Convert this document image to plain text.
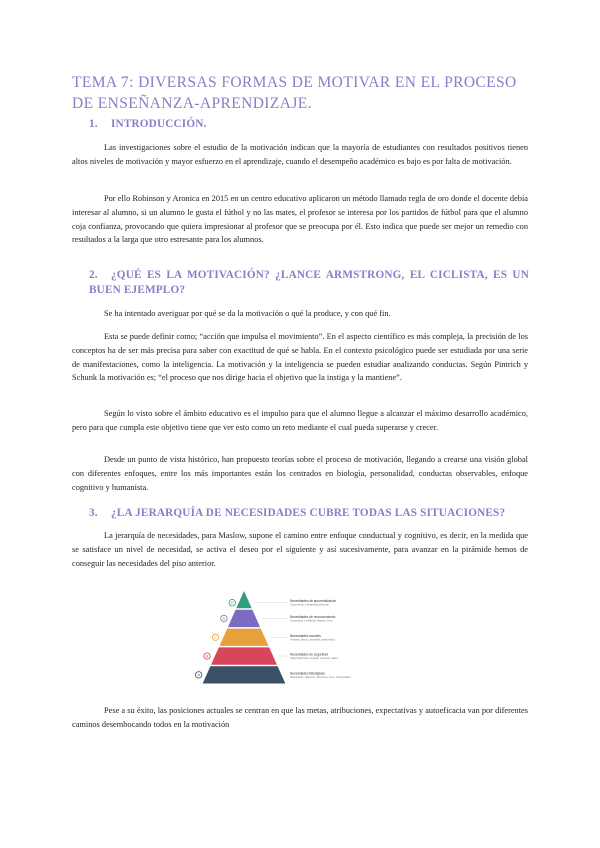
TEMA 7: DIVERSAS FORMAS DE MOTIVAR EN EL PROCESO DE ENSEÑANZA-APRENDIZAJE.
1. INTRODUCCIÓN.

Las investigaciones sobre el estudio de la motivación indican que la mayoría de estudiantes con resultados positivos tienen altos niveles de motivación y mayor esfuerzo en el aprendizaje, cuando el desempeño académico es bajo es por falta de motivación.

Por ello Robinson y Aronica en 2015 en un centro educativo aplicaron un método llamado regla de oro donde el docente debía interesar al alumno, si un alumno le gusta el fútbol y no las mates, el profesor se interesa por los partidos de fútbol para que el alumno coja confianza, provocando que quiera impresionar al profesor que se preocupa por él. Esto indica que puede ser mejor un remedio con resultados a la larga que otro estresante para los alumnos.

2. ¿QUÉ ES LA MOTIVACIÓN? ¿LANCE ARMSTRONG, EL CICLISTA, ES UN BUEN EJEMPLO?

Se ha intentado averiguar por qué se da la motivación o qué la produce, y con qué fin.

Esta se puede definir como; “acción que impulsa el movimiento”. En el aspecto científico es más compleja, la precisión de los conceptos ha de ser más precisa para saber con exactitud de qué se habla. En el contexto psicológico puede ser estudiada por una serie de manifestaciones, como la inteligencia. La motivación y la inteligencia se pueden estudiar analizando conductas. Según Pintrich y Schunk la motivación es; “el proceso que nos dirige hacia el objetivo que la instiga y la mantiene”.

Según lo visto sobre el ámbito educativo es el impulso para que el alumno llegue a alcanzar el máximo desarrollo académico, pero para que cumpla este objetivo tiene que ver esto como un reto mediante el cual pueda superarse y crecer.

Desde un punto de vista histórico, han propuesto teorías sobre el proceso de motivación, llegando a crearse una visión global con diferentes enfoques, entre los más importantes están los centrados en biología, personalidad, conductas observables, enfoque cognitivo y humanista.

3. ¿LA JERARQUÍA DE NECESIDADES CUBRE TODAS LAS SITUACIONES?

La jerarquía de necesidades, para Maslow, supone el camino entre enfoque conductual y cognitivo, es decir, en la medida que se satisface un nivel de necesidad, se activa el deseo por el siguiente y así sucesivamente, para avanzar en la pirámide hemos de conseguir las necesidades del piso anterior.

E	Necesidades de autorrealización
Crecimiento y desarrollo personal
D	Necesidades de reconocimiento
Autoestima, confianza, respeto, éxito
C	Necesidades sociales
Amistad, afecto, intimidad, pertenencia
B	Necesidades de seguridad
Seguridad física, empleo, recursos, salud
A	Necesidades fisiológicas
Respiración, alimento, descanso, sexo, homeostasis

Pese a su éxito, las posiciones actuales se centran en que las metas, atribuciones, expectativas y autoeficacia van por diferentes caminos desembocando todos en la motivación
